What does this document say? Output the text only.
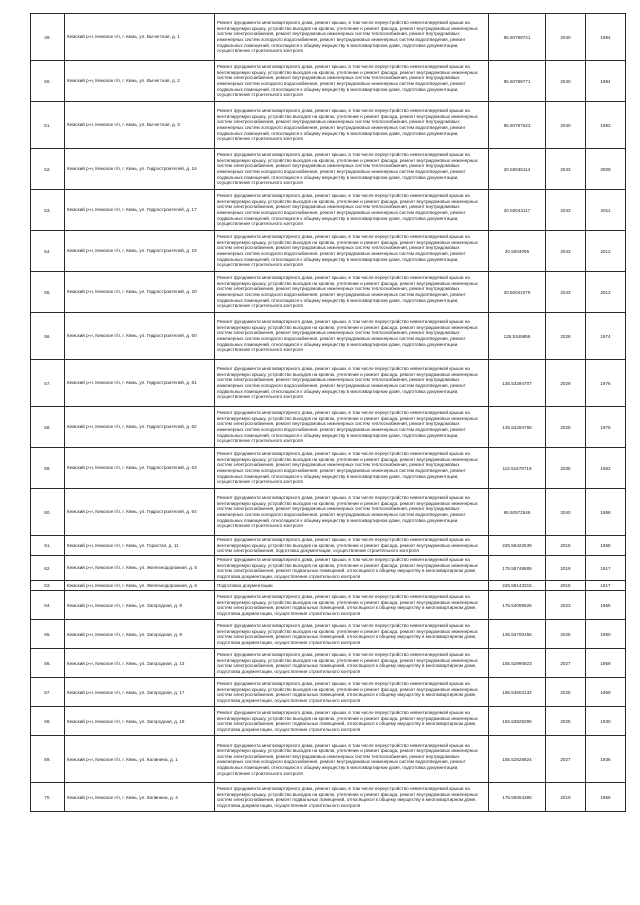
49.	Кемский р-н, Кемское г/п, г. Кемь, ул. Вычегтная, д. 1	Ремонт фундамента многоквартирного дома, ремонт крыши, в том числе переустройство невентилируемой крыши на вентилируемую крышу, устройство выходов на кровлю, утепление и ремонт фасада, ремонт внутридомовых инженерных систем электроснабжения, ремонт внутридомовых инженерных систем теплоснабжения, ремонт внутридомовых инженерных систем холодного водоснабжения, ремонт внутридомовых инженерных систем водоотведения, ремонт подвальных помещений, относящихся к общему имуществу в многоквартирном доме, подготовка документации, осуществление строительного контроля	95.50769741	2040	1994
50.	Кемский р-н, Кемское г/п, г. Кемь, ул. Вычегтная, д. 2	Ремонт фундамента многоквартирного дома, ремонт крыши, в том числе переустройство невентилируемой крыши на вентилируемую крышу, устройство выходов на кровлю, утепление и ремонт фасада, ремонт внутридомовых инженерных систем электроснабжения, ремонт внутридомовых инженерных систем теплоснабжения, ремонт внутридомовых инженерных систем холодного водоснабжения, ремонт внутридомовых инженерных систем водоотведения, ремонт подвальных помещений, относящихся к общему имуществу в многоквартирном доме, подготовка документации, осуществление строительного контроля	95.50769771	2040	1994
51.	Кемский р-н, Кемское г/п, г. Кемь, ул. Вычегтная, д. 3	Ремонт фундамента многоквартирного дома, ремонт крыши, в том числе переустройство невентилируемой крыши на вентилируемую крышу, устройство выходов на кровлю, утепление и ремонт фасада, ремонт внутридомовых инженерных систем электроснабжения, ремонт внутридомовых инженерных систем теплоснабжения, ремонт внутридомовых инженерных систем холодного водоснабжения, ремонт внутридомовых инженерных систем водоотведения, ремонт подвальных помещений, относящихся к общему имуществу в многоквартирном доме, подготовка документации, осуществление строительного контроля	95.50767523	2040	1992
52.	Кемский р-н, Кемское г/п, г. Кемь, ул. Гидростроителей, д. 16	Ремонт фундамента многоквартирного дома, ремонт крыши, в том числе переустройство невентилируемой крыши на вентилируемую крышу, устройство выходов на кровлю, утепление и ремонт фасада, ремонт внутридомовых инженерных систем электроснабжения, ремонт внутридомовых инженерных систем теплоснабжения, ремонт внутридомовых инженерных систем холодного водоснабжения, ремонт внутридомовых инженерных систем водоотведения, ремонт подвальных помещений, относящихся к общему имуществу в многоквартирном доме, подготовка документации, осуществление строительного контроля	20.50045114	2043	2009
53.	Кемский р-н, Кемское г/п, г. Кемь, ул. Гидростроителей, д. 17	Ремонт фундамента многоквартирного дома, ремонт крыши, в том числе переустройство невентилируемой крыши на вентилируемую крышу, устройство выходов на кровлю, утепление и ремонт фасада, ремонт внутридомовых инженерных систем электроснабжения, ремонт внутридомовых инженерных систем теплоснабжения, ремонт внутридомовых инженерных систем холодного водоснабжения, ремонт внутридомовых инженерных систем водоотведения, ремонт подвальных помещений, относящихся к общему имуществу в многоквартирном доме, подготовка документации, осуществление строительного контроля	20.50043117	2043	2011
54.	Кемский р-н, Кемское г/п, г. Кемь, ул. Гидростроителей, д. 18	Ремонт фундамента многоквартирного дома, ремонт крыши, в том числе переустройство невентилируемой крыши на вентилируемую крышу, устройство выходов на кровлю, утепление и ремонт фасада, ремонт внутридомовых инженерных систем электроснабжения, ремонт внутридомовых инженерных систем теплоснабжения, ремонт внутридомовых инженерных систем холодного водоснабжения, ремонт внутридомовых инженерных систем водоотведения, ремонт подвальных помещений, относящихся к общему имуществу в многоквартирном доме, подготовка документации, осуществление строительного контроля	20.5004095	2043	2012
55.	Кемский р-н, Кемское г/п, г. Кемь, ул. Гидростроителей, д. 20	Ремонт фундамента многоквартирного дома, ремонт крыши, в том числе переустройство невентилируемой крыши на вентилируемую крышу, устройство выходов на кровлю, утепление и ремонт фасада, ремонт внутридомовых инженерных систем электроснабжения, ремонт внутридомовых инженерных систем теплоснабжения, ремонт внутридомовых инженерных систем холодного водоснабжения, ремонт внутридомовых инженерных систем водоотведения, ремонт подвальных помещений, относящихся к общему имуществу в многоквартирном доме, подготовка документации, осуществление строительного контроля	20.50041079	2043	2012
56.	Кемский р-н, Кемское г/п, г. Кемь, ул. Гидростроителей, д. 60	Ремонт фундамента многоквартирного дома, ремонт крыши, в том числе переустройство невентилируемой крыши на вентилируемую крышу, устройство выходов на кровлю, утепление и ремонт фасада, ремонт внутридомовых инженерных систем электроснабжения, ремонт внутридомовых инженерных систем теплоснабжения, ремонт внутридомовых инженерных систем холодного водоснабжения, ремонт внутридомовых инженерных систем водоотведения, ремонт подвальных помещений, относящихся к общему имуществу в многоквартирном доме, подготовка документации, осуществление строительного контроля	135.5349856	2028	1974
57.	Кемский р-н, Кемское г/п, г. Кемь, ул. Гидростроителей, д. 61	Ремонт фундамента многоквартирного дома, ремонт крыши, в том числе переустройство невентилируемой крыши на вентилируемую крышу, устройство выходов на кровлю, утепление и ремонт фасада, ремонт внутридомовых инженерных систем электроснабжения, ремонт внутридомовых инженерных систем теплоснабжения, ремонт внутридомовых инженерных систем холодного водоснабжения, ремонт внутридомовых инженерных систем водоотведения, ремонт подвальных помещений, относящихся к общему имуществу в многоквартирном доме, подготовка документации, осуществление строительного контроля	135.53294707	2029	1976
58.	Кемский р-н, Кемское г/п, г. Кемь, ул. Гидростроителей, д. 62	Ремонт фундамента многоквартирного дома, ремонт крыши, в том числе переустройство невентилируемой крыши на вентилируемую крышу, устройство выходов на кровлю, утепление и ремонт фасада, ремонт внутридомовых инженерных систем электроснабжения, ремонт внутридомовых инженерных систем теплоснабжения, ремонт внутридомовых инженерных систем холодного водоснабжения, ремонт внутридомовых инженерных систем водоотведения, ремонт подвальных помещений, относящихся к общему имуществу в многоквартирном доме, подготовка документации, осуществление строительного контроля	135.53294788	2028	1976
59.	Кемский р-н, Кемское г/п, г. Кемь, ул. Гидростроителей, д. 63	Ремонт фундамента многоквартирного дома, ремонт крыши, в том числе переустройство невентилируемой крыши на вентилируемую крышу, устройство выходов на кровлю, утепление и ремонт фасада, ремонт внутридомовых инженерных систем электроснабжения, ремонт внутридомовых инженерных систем теплоснабжения, ремонт внутридомовых инженерных систем холодного водоснабжения, ремонт внутридомовых инженерных систем водоотведения, ремонт подвальных помещений, относящихся к общему имуществу в многоквартирном доме, подготовка документации, осуществление строительного контроля	115.51678719	2035	1982
60.	Кемский р-н, Кемское г/п, г. Кемь, ул. Гидростроителей, д. 64	Ремонт фундамента многоквартирного дома, ремонт крыши, в том числе переустройство невентилируемой крыши на вентилируемую крышу, устройство выходов на кровлю, утепление и ремонт фасада, ремонт внутридомовых инженерных систем электроснабжения, ремонт внутридомовых инженерных систем теплоснабжения, ремонт внутридомовых инженерных систем холодного водоснабжения, ремонт внутридомовых инженерных систем водоотведения, ремонт подвальных помещений, относящихся к общему имуществу в многоквартирном доме, подготовка документации, осуществление строительного контроля	95.50572546	2040	1988
61.	Кемский р-н, Кемское г/п, г. Кемь, ул. Гористая, д. 11	Ремонт фундамента многоквартирного дома, ремонт крыши, в том числе переустройство невентилируемой крыши на вентилируемую крышу, устройство выходов на кровлю, утепление и ремонт фасада, ремонт внутридомовых инженерных систем электроснабжения, подготовка документации, осуществление строительного контроля	225.56422539	2016	1958
62.	Кемский р-н, Кемское г/п, г. Кемь, ул. Железнодорожная, д. 5	Ремонт фундамента многоквартирного дома, ремонт крыши, в том числе переустройство невентилируемой крыши на вентилируемую крышу, устройство выходов на кровлю, утепление и ремонт фасада, ремонт внутридомовых инженерных систем электроснабжения, ремонт подвальных помещений, относящихся к общему имуществу в многоквартирном доме, подготовка документации, осуществление строительного контроля	175.55749889	2019	1917
63.	Кемский р-н, Кемское г/п, г. Кемь, ул. Железнодорожная, д. 6	Подготовка документации	225.58143315	2016	1917
64.	Кемский р-н, Кемское г/п, г. Кемь, ул. Загородная, д. 8	Ремонт фундамента многоквартирного дома, ремонт крыши, в том числе переустройство невентилируемой крыши на вентилируемую крышу, устройство выходов на кровлю, утепление и ремонт фасада, ремонт внутридомовых инженерных систем электроснабжения, ремонт подвальных помещений, относящихся к общему имуществу в многоквартирном доме, подготовка документации, осуществление строительного контроля	175.54099626	2023	1965
65.	Кемский р-н, Кемское г/п, г. Кемь, ул. Загородная, д. 9	Ремонт фундамента многоквартирного дома, ремонт крыши, в том числе переустройство невентилируемой крыши на вентилируемую крышу, устройство выходов на кровлю, утепление и ремонт фасада, ремонт внутридомовых инженерных систем электроснабжения, ремонт подвальных помещений, относящихся к общему имуществу в многоквартирном доме, подготовка документации, осуществление строительного контроля	135.53700255	2025	1980
66.	Кемский р-н, Кемское г/п, г. Кемь, ул. Загородная, д. 13	Ремонт фундамента многоквартирного дома, ремонт крыши, в том числе переустройство невентилируемой крыши на вентилируемую крышу, устройство выходов на кровлю, утепление и ремонт фасада, ремонт внутридомовых инженерных систем электроснабжения, ремонт подвальных помещений, относящихся к общему имуществу в многоквартирном доме, подготовка документации, осуществление строительного контроля	155.52990823	2027	1959
67.	Кемский р-н, Кемское г/п, г. Кемь, ул. Загородная, д. 17	Ремонт фундамента многоквартирного дома, ремонт крыши, в том числе переустройство невентилируемой крыши на вентилируемую крышу, устройство выходов на кровлю, утепление и ремонт фасада, ремонт внутридомовых инженерных систем электроснабжения, ремонт подвальных помещений, относящихся к общему имуществу в многоквартирном доме, подготовка документации, осуществление строительного контроля	185.53603132	2025	1959
68.	Кемский р-н, Кемское г/п, г. Кемь, ул. Загородная, д. 19	Ремонт фундамента многоквартирного дома, ремонт крыши, в том числе переустройство невентилируемой крыши на вентилируемую крышу, устройство выходов на кровлю, утепление и ремонт фасада, ремонт внутридомовых инженерных систем электроснабжения, ремонт подвальных помещений, относящихся к общему имуществу в многоквартирном доме, подготовка документации, осуществление строительного контроля	155.53828295	2025	1930
69.	Кемский р-н, Кемское г/п, г. Кемь, ул. Калинина, д. 1	Ремонт фундамента многоквартирного дома, ремонт крыши, в том числе переустройство невентилируемой крыши на вентилируемую крышу, устройство выходов на кровлю, утепление и ремонт фасада, ремонт внутридомовых инженерных систем электроснабжения, ремонт внутридомовых инженерных систем теплоснабжения, ремонт внутридомовых инженерных систем холодного водоснабжения, ремонт внутридомовых инженерных систем водоотведения, ремонт подвальных помещений, относящихся к общему имуществу в многоквартирном доме, подготовка документации, осуществление строительного контроля	155.52628824	2027	1936
70.	Кемский р-н, Кемское г/п, г. Кемь, ул. Калинина, д. 4	Ремонт фундамента многоквартирного дома, ремонт крыши, в том числе переустройство невентилируемой крыши на вентилируемую крышу, устройство выходов на кровлю, утепление и ремонт фасада, ремонт внутридомовых инженерных систем электроснабжения, ремонт подвальных помещений, относящихся к общему имуществу в многоквартирном доме, подготовка документации, осуществление строительного контроля	175.55064385	2019	1956
